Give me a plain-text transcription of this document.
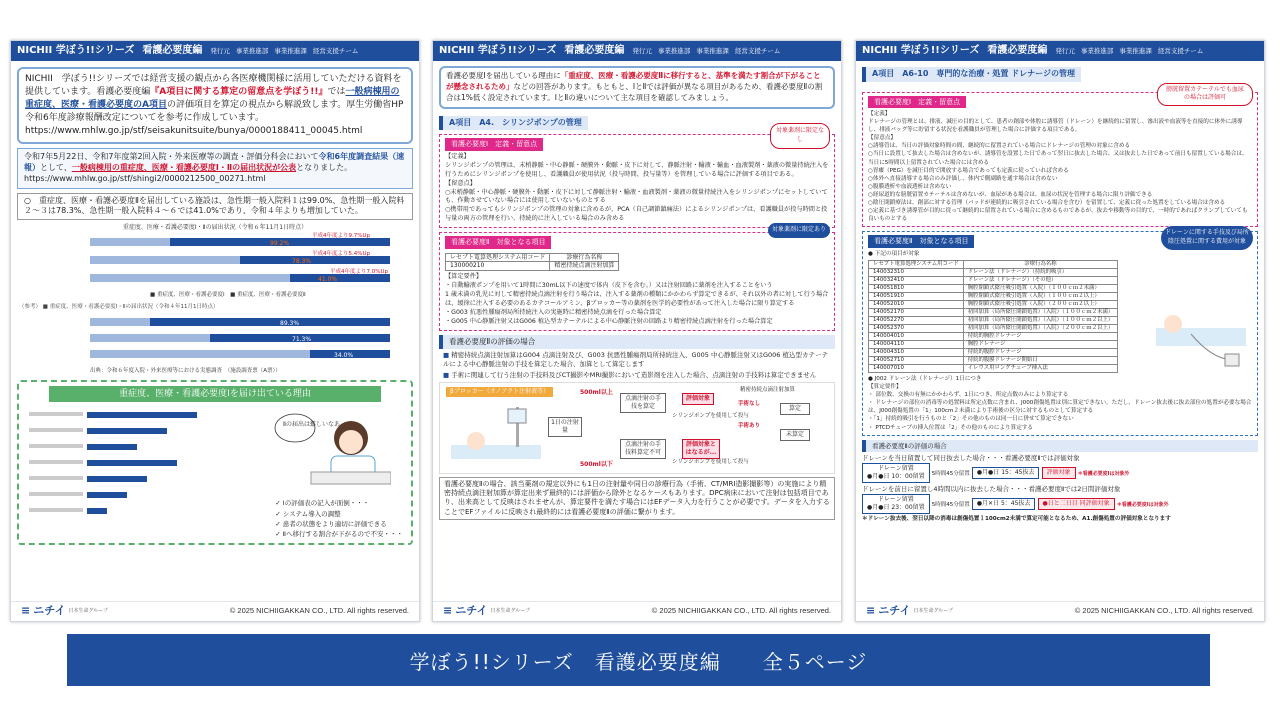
NICHII 学ぼう!!シリーズ 看護必要度編 発行元 事業推進部 事業推進課 経営支援チーム
NICHII　学ぼう!!シリーズでは経営支援の観点から各医療機関様に活用していただける資料を提供しています。看護必要度編『A項目に関する算定の留意点を学ぼう!!』では一般病棟用の重症度、医療・看護必要度のA項目の評価項目を算定の視点から解説致します。厚生労働省HP　令和6年度診療報酬改定についてを参考に作成しています。
https://www.mhlw.go.jp/stf/seisakunitsuite/bunya/0000188411_00045.html
令和7年5月22日、令和7年度第2回入院・外来医療等の調査・評価分科会において令和6年度調査結果（速報）として、一般病棟用の重症度、医療・看護必要度Ⅰ・Ⅱの届出状況が公表となりました。
https://www.mhlw.go.jp/stf/shingi2/0000212500_00271.html
○　重症度、医療・看護必要度Ⅱを届出している施設は、急性期一般入院料１は99.0%、急性期一般入院料２～３は78.3%、急性期一般入院料４～６では41.0%であり、令和４年よりも増加していた。
重症度、医療・看護必要度Ⅰ・Ⅱの届出状況（令和６年11月1日時点）
99.2%
平成4年度より9.7%Up
78.3%
平成4年度より5.4%Up
41.0%
平成4年度より7.0%Up
■ 重症度、医療・看護必要度Ⅰ　■ 重症度、医療・看護必要度Ⅱ
（参考） ■ 重症度、医療・看護必要度Ⅰ・Ⅱの届出状況（令和４年11月1日時点）
89.3%
71.3%
34.0%
出典：令和６年度入院・外来医療等における実態調査　（施設調査票（A票））
重症度、医療・看護必要度Ⅰを届け出ている理由
Ⅱの届出は難しいなあ
✓ Ⅰの評価表の記入が面倒・・・
✓ システム導入の調整
✓ 患者の状態をより適切に評価できる
✓ Ⅱへ移行する割合が下がるので不安・・・
≡ ニチイ 日本生命グループ	© 2025 NICHIIGAKKAN CO., LTD. All rights reserved.
NICHII 学ぼう!!シリーズ 看護必要度編 発行元 事業推進部 事業推進課 経営支援チーム
看護必要度Ⅰを届出している理由に「重症度、医療・看護必要度Ⅱに移行すると、基準を満たす割合が下がることが懸念されるため」などの回答があります。もともと、ⅠとⅡでは評価が異なる項目があるため、看護必要度Ⅱの割合は1%低く設定されています。ⅠとⅡの違いについて主な項目を確認してみましょう。
A項目　A4.　シリンジポンプの管理
看護必要度Ⅰ　定義・留意点
対象薬剤に限定なし
【定義】
シリンジポンプの管理は、末梢静脈・中心静脈・硬膜外・動脈・皮下に対して、静脈注射・輸液・輸血・血液製剤・薬液の微量持続注入を行うためにシリンジポンプを使用し、看護職員が使用状況（投与時間、投与量等）を管理している場合に評価する項目である。
【留意点】
○末梢静脈・中心静脈・硬膜外・動脈・皮下に対して静脈注射・輸液・血液製剤・薬液の微量持続注入をシリンジポンプにセットしていても、作動させていない場合には使用していないものとする
○携帯用であってもシリンジポンプの管理の対象に含めるが、PCA（自己調節鎮痛法）によるシリンジポンプは、看護職員が投与時間と投与量の両方の管理を行い、持続的に注入している場合のみ含める
看護必要度Ⅱ　対象となる項目
対象薬剤に限定あり
レセプト電算処理システム用コード	診療行為名称
130000210	精密持続点滴注射加算
【算定要件】
・自動輸液ポンプを用いて1時間に30mL以下の速度で体内（皮下を含む。）又は注射回路に薬剤を注入することをいう
1 歳未満の乳児に対して精密持続点滴注射を行う場合は、注入する薬剤の種類にかかわらず算定できるが、それ以外の者に対して行う場合は、緩徐に注入する必要のあるカテコールアミン、βブロッカー等の薬剤を医学的必要性があって注入した場合に限り算定する
・G003 抗悪性腫瘍剤局所持続注入の実施時に精密持続点滴を行った場合算定
・G005 中心静脈注射又はG006 植込型カテーテルによる中心静脈注射の回路より精密持続点滴注射を行った場合算定
看護必要度Ⅱの評価の場合
■ 精密持続点滴注射加算はG004 点滴注射及び、G003 抗悪性腫瘍剤局所持続注入、G005 中心静脈注射又はG006 植込型カテーテルによる中心静脈注射の手技を算定した場合、加算として算定します
■ 手術に関連して行う注射の手技料及びCT撮影やMRI撮影において造影剤を注入した場合、点滴注射の手技料は算定できません
βブロッカー（オノアクト注射液等）
1日の注射量
500ml以上
500ml以下
点滴注射の手技を算定
点滴注射の手技料算定不可
シリンジポンプを使用して投与
シリンジポンプを使用して投与
評価対象
評価対象とはなるが...
精密持続点滴注射加算
手術なし
手術あり
算定
未算定
看護必要度Ⅱの場合、該当薬剤の規定以外にも1日の注射量や同日の診療行為（手術、CT/MRI造影撮影等）の実施により精密持続点滴注射加算が算定出来ず最終的には評価から除外となるケースもあります。DPC病床において注射は包括項目であり、出来高として反映はされませんが、算定要件を満たす場合にはEFデータ入力を行うことが必要です。データを入力することでEFファイルに反映され最終的には看護必要度Ⅱの評価に繋がります。
≡ ニチイ 日本生命グループ	© 2025 NICHIIGAKKAN CO., LTD. All rights reserved.
NICHII 学ぼう!!シリーズ 看護必要度編 発行元 事業推進部 事業推進課 経営支援チーム
A項目　A6-10　専門的な治療・処置 ドレナージの管理
看護必要度Ⅰ　定義・留意点
膀胱留置カテーテルでも血尿の場合は評価可
【定義】
ドレナージの管理とは、排液、減圧の目的として、患者の創部や体腔に誘導管（ドレーン）を継続的に留置し、滲出液や血液等を直接的に体外に誘導し、排液バッグ等に貯留する状況を看護職員が管理した場合に評価する項目である。
【留意点】
○誘導管は、当日の評価対象時間の間、継続的に留置されている場合にドレナージの管理の対象に含める
○当日に設置して抜去した場合は含めないが、誘導管を設置した日であって翌日に抜去した場合、又は抜去した日であって前日も留置している場合は、当日に5時間以上留置されていた場合には含める
○胃瘻（PEG）を減圧目的で開放する場合であっても定義に従っていれば含める
○体外へ直接誘導する場合のみ評価し、体内で側副路を通す場合は含めない
○腹膜透析や血液透析は含めない
○経尿道的な膀胱留置カテーテルは含めないが、血尿がある場合は、血尿の状況を管理する場合に限り評価できる
○陰圧閉鎖療法は、創部に対する管理（パッドが連続的に吸引されている場合を含む）を留置して、定義に従った処置をしている場合は含める
○定義に基づき誘導管が目的に従って継続的に留置されている場合に含めるものであるが、抜去や移動等の目的で、一時的であればクランプしていても良いものとする
看護必要度Ⅱ　対象となる項目
ドレーンに関する手技及び局所陰圧処置に関する費用が対象
● 下記の項目が対象
レセプト電算処理システム用コード	診療行為名称
140032310	ドレーン法（ドレナージ）（持続的吸引）
140032410	ドレーン法（ドレナージ）（その他）
140051810	胸腔閉鎖式陰圧吸引処置（入院）（１００ｃｍ２未満）
140051910	胸腔閉鎖式陰圧吸引処置（入院）（１００ｃｍ２以上）
140052010	胸腔閉鎖式陰圧吸引処置（入院）（２００ｃｍ２以上）
140052170	初回加算（局所陰圧閉鎖処置）（入院）（１００ｃｍ２未満）
140052270	初回加算（局所陰圧閉鎖処置）（入院）（１００ｃｍ２以上）
140052370	初回加算（局所陰圧閉鎖処置）（入院）（２００ｃｍ２以上）
140004010	持続的胸腔ドレナージ
140004110	胸腔ドレナージ
140004310	持続的腹腔ドレナージ
140052710	持続的腹膜ドレナージ開始日
140007010	イレウス用ロングチューブ挿入法
● J002 ドレーン法（ドレナージ）1日につき
【算定要件】
・ 部位数、交換の有無にかかわらず、1日につき、所定点数のみにより算定する
・ ドレナージの部位の消毒等の処置料は所定点数に含まれ、J000創傷処置は別に算定できない。ただし、ドレーン抜去後に抜去部位の処置が必要な場合は、J000創傷処置の「1」100cm２未満により手術後の区分に対するものとして算定する
・「1」持続的吸引を行うものと「2」その他のものは同一日に併せて算定できない
・ PTCDチューブの挿入位置は「2」その他のものにより算定する
看護必要度Ⅱの評価の場合
ドレーンを当日留置して同日抜去した場合・・・看護必要度Ⅱでは評価対象
ドレーン留置
●月●日 10：00留置 5時間45分留置 ●月●日 15：45抜去 評価対象 ＊看護必要度Ⅰは対象外
ドレーンを前日に留置し4時間以内に抜去した場合・・・看護必要度Ⅱでは2日間評価対象
ドレーン留置
●月●日 23：00留置 5時間45分留置 ●月✕日 5：45抜去 ●日と二日目 同評価対象 ＊看護必要度Ⅰは対象外
＊ドレーン抜去後、翌日以降の消毒は創傷処置１100cm2未満で算定可能となるため、A1.創傷処置の評価対象となります
≡ ニチイ 日本生命グループ	© 2025 NICHIIGAKKAN CO., LTD. All rights reserved.
学ぼう!!シリーズ　看護必要度編　　全５ページ
